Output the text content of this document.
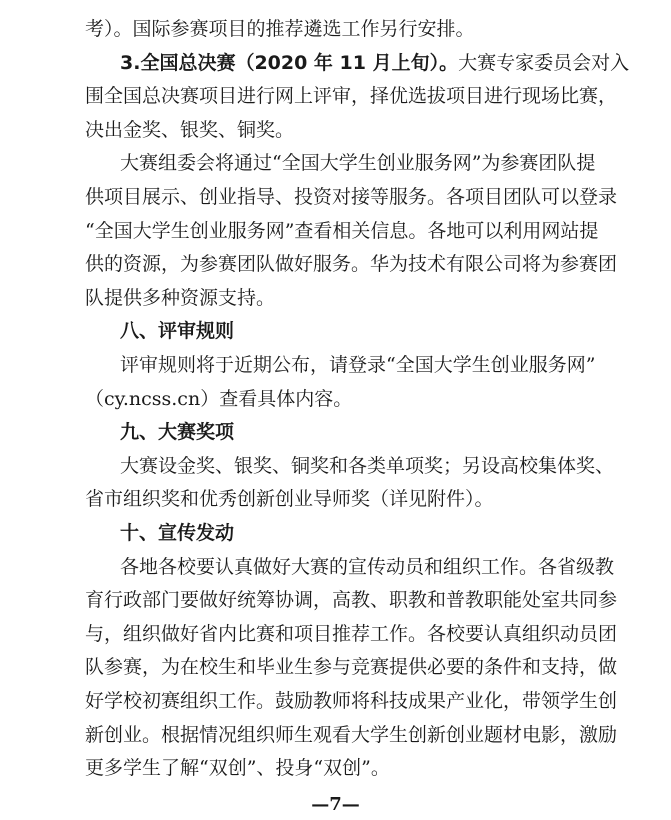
考）。国际参赛项目的推荐遴选工作另行安排。
3.全国总决赛（2020 年 11 月上旬）。大赛专家委员会对入
围全国总决赛项目进行网上评审，择优选拔项目进行现场比赛，
决出金奖、银奖、铜奖。
大赛组委会将通过“全国大学生创业服务网”为参赛团队提
供项目展示、创业指导、投资对接等服务。各项目团队可以登录
“全国大学生创业服务网”查看相关信息。各地可以利用网站提
供的资源，为参赛团队做好服务。华为技术有限公司将为参赛团
队提供多种资源支持。
八、评审规则
评审规则将于近期公布，请登录“全国大学生创业服务网”
（cy.ncss.cn）查看具体内容。
九、大赛奖项
大赛设金奖、银奖、铜奖和各类单项奖；另设高校集体奖、
省市组织奖和优秀创新创业导师奖（详见附件）。
十、宣传发动
各地各校要认真做好大赛的宣传动员和组织工作。各省级教
育行政部门要做好统筹协调，高教、职教和普教职能处室共同参
与，组织做好省内比赛和项目推荐工作。各校要认真组织动员团
队参赛，为在校生和毕业生参与竞赛提供必要的条件和支持，做
好学校初赛组织工作。鼓励教师将科技成果产业化，带领学生创
新创业。根据情况组织师生观看大学生创新创业题材电影，激励
更多学生了解“双创”、投身“双创”。
—7—
